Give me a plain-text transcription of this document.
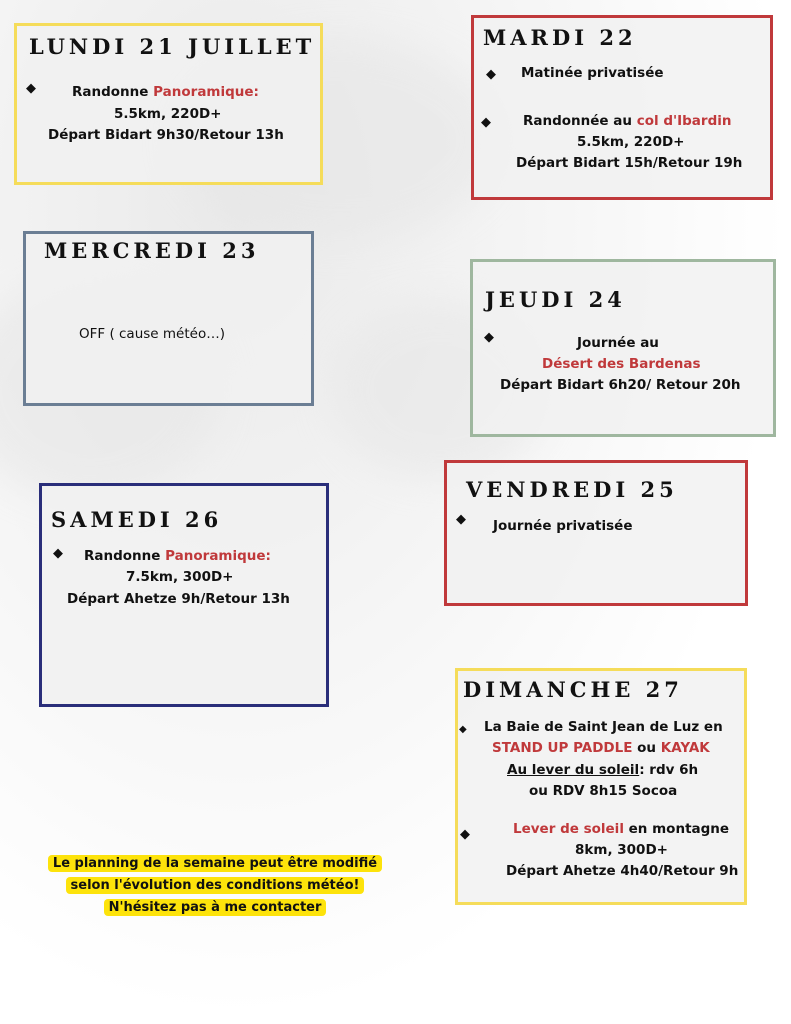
LUNDI 21 JUILLET
◆	Randonne Panoramique:
5.5km, 220D+
Départ Bidart 9h30/Retour 13h
MARDI 22
◆ Matinée privatisée
◆ Randonnée au col d'Ibardin
5.5km, 220D+
Départ Bidart 15h/Retour 19h
MERCREDI 23
OFF ( cause météo…)
JEUDI 24
◆	Journée au
Désert des Bardenas
Départ Bidart 6h20/ Retour 20h
VENDREDI 25
◆ Journée privatisée
SAMEDI 26
◆ Randonne Panoramique:
7.5km, 300D+
Départ Ahetze 9h/Retour 13h
DIMANCHE 27
◆ La Baie de Saint Jean de Luz en
STAND UP PADDLE ou KAYAK
Au lever du soleil: rdv 6h
ou RDV 8h15 Socoa
◆	Lever de soleil en montagne
8km, 300D+
Départ Ahetze 4h40/Retour 9h
Le planning de la semaine peut être modifié
selon l'évolution des conditions météo!
N'hésitez pas à me contacter
